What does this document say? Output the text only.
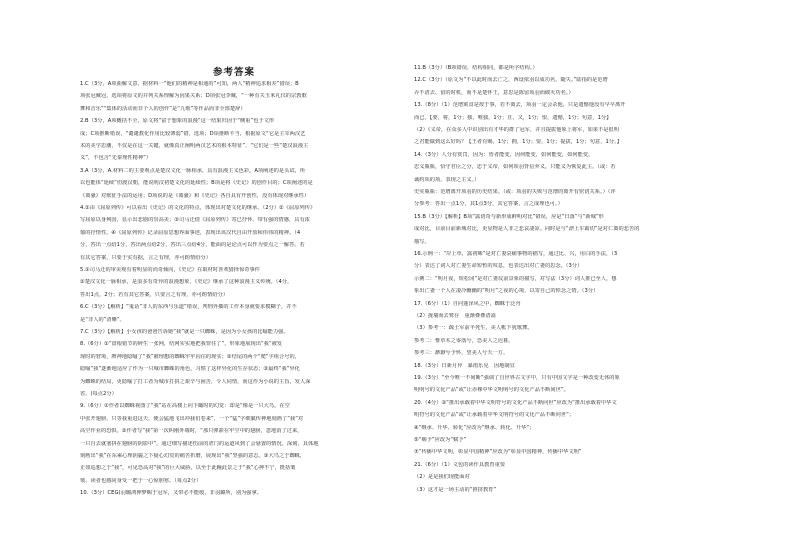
参考答案
1.C（3分，A项曲解文意，据材料一“他们的精神是相通的”可知，两人“精神追求相差”错误；B
项张冠戴冠，选项将原文的并列关系理解为因果关系；D项张冠李戴，“一种有关玉米礼仪的宗教歌
舞和音乐”“集体的活动而非个人的创作”是“九歌”等作品而非全部楚辞）
2.B（3分，A项概括不全，原文将“富于想象的浪漫”这一结果归因于“侧重”也于文形
成；C项推断错误，“谴谴教化作用比较薄弱”错，选项；D项推断不当，根据原文“它是主宰两汉艺
术的美学思潮，不仅是在这一关键，就像真正阐明两汉艺术的根本特征”，“它们是一些“楚汉浪漫主
义”，不包含“先秦理性精神”）
3.A（3分，A.材料二的主要观点是楚汉文化一脉相承，具有浪漫主义色彩。A项阐述的是头试，所
以也能体“延续”但渡汉朝，能说明汉初楚文化的延续性；B项是将《史记》的创作目的；C项阐述的是
《离骚》对歌征手法的运用；D项说的是《离骚》和《史记》各自具有开创性，没有体现对继承性）
4.①由《屈原列传》可以看出《史记》的文化的特点，体现出对楚文化的继承。（2分）②《屈原列传》
写屈原以身殉国，显示出悲剧的崇高美；③司马迁借《屈原列传》寄已抒怀，带有强的情感，具有浓
郁的抒情性。④《屈原列传》记录屈原思想界面事迹，表现出该汉代自由开放和伟伟的精神。（4
分，答出一点给1分，答出两点给2分，答出三点给4分，能面的是论点可以作为要点之一解答。若
有其它答案，只要于实有据，言之有理，亦可酌情给分）
5.①司马迁的审美观有着明显的尚奇倾向，《史记》在取材时喜欢猎择惊奇事件
②楚汉文化一脉相承，是浪多有奇异的浪漫想象，《史记》继承了这种浪漫主义传统。（4分，
答出1点，2分；若有其它答案，只要言之有理，亦可酌情给分）
6.C（3分）【解析】“鬼话”非人的东西与乐道”错误，判刑外插的工作本身就要求模糊子，并不
是“非人的”清晰”。
7.C（3分）【解析】小女孩的爸爸告诉她“我”就是一只蜘蛛，是因为小女孩的比喻能力强。
8.（6分）①“盘根错节的碎生一张网，结网实实地把我罪住了”，形象地展现出“我”被发
现时的窘境，牌神地隐喻了“我”被理想的蜘蛛牢牢囚住的现实；②结尾的两个“爬”字组合号的，
隐喻“我”逐渐地适应了作为一只城市蜘蛛的角色，习惯了这样异化的生存状态；③最终“我”异化
为蜘蛛的结局，更隐喻了打工者为城市打拼之艰辛与困苦，令人同情，而这作为小说的主旨，发人深
省。(每点2分）
9.（6分）①作者以蜘蛛视图了“我”站在高楼上向下瞰时的幻觉：却是“像是一只大鸟，在空
中张开翅膀，只等我重进这天，便会猛地飞出冲我们卷来”，一个“猛”字细腻传神地刻画了“我”对
高空作业的恐惧。②作者写“我”第一次纠刚外墙时，“那只弹箭在牢空中的翅膀，忽地消了过来，
一只自去就塞拼在翅膀的阴影中”，通过细写描述伤前的虐门的运道风到了会悬置的情况，深刻、具体地
刻画出“我”在东乘心理阴霾之下疑心幻觉的痛苦折磨，展现出“我”坚强的意志。③大鸟之于蜘蛛，
正如巡想之于“我”，可见恐高对“我”的巨大威胁，以至于此幢此景之于“我”心神不宁，挺括皱
皱，读者也感同身受一把于一心惊胆寒。（每点2分）
10.（3分）CEG(羽璐鸿伸梦赐于冠军，又带必不能缓，非羽璐所，别为强拿。
11.B（3分）（B项错误，结构相同，都是所字结构。）
12.C（3分）（原文为“不以此时而去亡之，西设依羽以成功名，随失。”陆指的是范增
弄不清去、留的时机，而不是楚怀王，意思是陈留项羽而破灭功名。）
13.（8分）（1）范增寓食是按于事，若不离去，项羽一定会杀他，只是遗憾他没有早早离开
而已。【要，将，1分；独，唯独，1分；且，又，1分；恨，遗憾，1分；句意，1分】
（2）《义帝，在众多人中识别出有才华的群了冠军，并且提拔他象上将军，如果不是很明
之君能做到这么好吗？【王者有赐，1分；拥，1分；要，1分；提拔，1分；句意，1分，】
14.（3分）人分有赏罚，因为：皆者能变，因何能变，如何能变，如何能变。
忠义瓶瓶，恰守君臣之分，忠于义帝，如何项羽背信弃义，只能义为恢复此主。（或：若
诚约项的项，表现之主义。）
史实瓶瓶：范增离开项羽的历史结果。（或：项羽的失败与范增的离开有密切关系。）（评
分参考：答出一点1分，其1点3分，其它答案，言之成理也可。）
15.B（3分）【解析】B项“露切奇与新形成鲜明对比”错误，应是“日落”与“新城”形
成对比，目前目前新城对比，更显物是人非之悲哀凄凉。同时是与“漂上车霸切”是对仁离的悲苦的
描写。
16.示例一：“岸上草，露初晞”是对亡妻哀痛事物的描写，通过比、兴，用白的手法，（3
分）表达了词人对亡妻生命短暂的叹息，也表达出对亡妻的思念。（3分）
示例二：“明月夜，短松冈”是对亡妻坟前景象的描写，对写法（3分）词人推已至人，想
象出亡妻一个人在凄冷幽幽的“明月”之夜的心境，以寄自己的悼念之情。（3分）
17.（6分）（1）自问蓬泽风之中，蜘蛛于泛舟
（2）拢墙而去鹫存　重渐叠叠清嵩
（3）参考一：疏士军前半死生，美人帐下犹歌舞。
参考二：惟草木之零落兮，恐美人之迟暮。
参考三：渺渺兮予怀，望美人兮天一方。
18.（3分）日新月异　暴雨乐见　因地制宜
19.（3分）“至今唯一不间断”强调了自世界古文字中，只有中国文字是一种改变无休的象
明明号的文化产品”或“让赤裸中华文明明号的文化产品不断间世”。
20.（4分）③“推出承载着中华文明符号的文化产品不断问世”应改为“推出承载着中华文
明符号的文化产品”或“让承载着中华文明符号的文化产品不断问世”；
④“继承、升华、转化”应改为“继承、转化、升华”；
⑤“赐予”应改为“赋予”
⑦“传播中华文明，彰显中国精神”应改为“彰显中国精神，传播中华文明”
21.（6分）（1）文包的读作具教育重要
（2）是是我们现能面对
（3）这才是一场主动的“推挤教育”
